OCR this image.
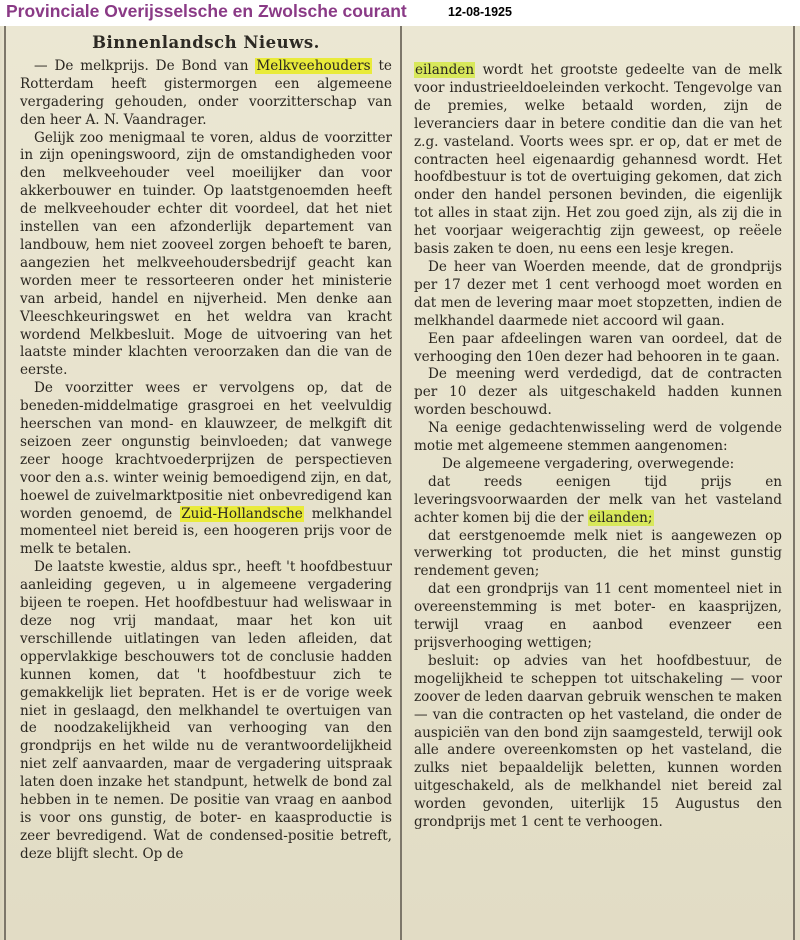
Provinciale Overijsselsche en Zwolsche courant	12-08-1925
Binnenlandsch Nieuws.

— De melkprijs. De Bond van Melkveehouders te Rotterdam heeft gistermorgen een algemeene vergadering gehouden, onder voorzitterschap van den heer A. N. Vaandrager.

Gelijk zoo menigmaal te voren, aldus de voorzitter in zijn openingswoord, zijn de omstandigheden voor den melkveehouder veel moeilijker dan voor akkerbouwer en tuinder. Op laatstgenoemden heeft de melkveehouder echter dit voordeel, dat het niet instellen van een afzonderlijk departement van landbouw, hem niet zooveel zorgen behoeft te baren, aangezien het melkveehoudersbedrijf geacht kan worden meer te ressorteeren onder het ministerie van arbeid, handel en nijverheid. Men denke aan Vleeschkeuringswet en het weldra van kracht wordend Melkbesluit. Moge de uitvoering van het laatste minder klachten veroorzaken dan die van de eerste.

De voorzitter wees er vervolgens op, dat de beneden-middelmatige grasgroei en het veelvuldig heerschen van mond- en klauwzeer, de melkgift dit seizoen zeer ongunstig beinvloeden; dat vanwege zeer hooge krachtvoederprijzen de perspectieven voor den a.s. winter weinig bemoedigend zijn, en dat, hoewel de zuivelmarktpositie niet onbevredigend kan worden genoemd, de Zuid-Hollandsche melkhandel momenteel niet bereid is, een hoogeren prijs voor de melk te betalen.

De laatste kwestie, aldus spr., heeft 't hoofdbestuur aanleiding gegeven, u in algemeene vergadering bijeen te roepen. Het hoofdbestuur had weliswaar in deze nog vrij mandaat, maar het kon uit verschillende uitlatingen van leden afleiden, dat oppervlakkige beschouwers tot de conclusie hadden kunnen komen, dat 't hoofdbestuur zich te gemakkelijk liet bepraten. Het is er de vorige week niet in geslaagd, den melkhandel te overtuigen van de noodzakelijkheid van verhooging van den grondprijs en het wilde nu de verantwoordelijkheid niet zelf aanvaarden, maar de vergadering uitspraak laten doen inzake het standpunt, hetwelk de bond zal hebben in te nemen. De positie van vraag en aanbod is voor ons gunstig, de boter- en kaasproductie is zeer bevredigend. Wat de condensed-positie betreft, deze blijft slecht. Op de

eilanden wordt het grootste gedeelte van de melk voor industrieeldoeleinden verkocht. Tengevolge van de premies, welke betaald worden, zijn de leveranciers daar in betere conditie dan die van het z.g. vasteland. Voorts wees spr. er op, dat er met de contracten heel eigenaardig gehannesd wordt. Het hoofdbestuur is tot de overtuiging gekomen, dat zich onder den handel personen bevinden, die eigenlijk tot alles in staat zijn. Het zou goed zijn, als zij die in het voorjaar weigerachtig zijn geweest, op reëele basis zaken te doen, nu eens een lesje kregen.

De heer van Woerden meende, dat de grondprijs per 17 dezer met 1 cent verhoogd moet worden en dat men de levering maar moet stopzetten, indien de melkhandel daarmede niet accoord wil gaan.

Een paar afdeelingen waren van oordeel, dat de verhooging den 10en dezer had behooren in te gaan.

De meening werd verdedigd, dat de contracten per 10 dezer als uitgeschakeld hadden kunnen worden beschouwd.

Na eenige gedachtenwisseling werd de volgende motie met algemeene stemmen aangenomen:

De algemeene vergadering, overwegende:

dat reeds eenigen tijd prijs en leveringsvoorwaarden der melk van het vasteland achter komen bij die der eilanden;

dat eerstgenoemde melk niet is aangewezen op verwerking tot producten, die het minst gunstig rendement geven;

dat een grondprijs van 11 cent momenteel niet in overeenstemming is met boter- en kaasprijzen, terwijl vraag en aanbod evenzeer een prijsverhooging wettigen;

besluit: op advies van het hoofdbestuur, de mogelijkheid te scheppen tot uitschakeling — voor zoover de leden daarvan gebruik wenschen te maken — van die contracten op het vasteland, die onder de auspiciën van den bond zijn saamgesteld, terwijl ook alle andere overeenkomsten op het vasteland, die zulks niet bepaaldelijk beletten, kunnen worden uitgeschakeld, als de melkhandel niet bereid zal worden gevonden, uiterlijk 15 Augustus den grondprijs met 1 cent te verhoogen.
